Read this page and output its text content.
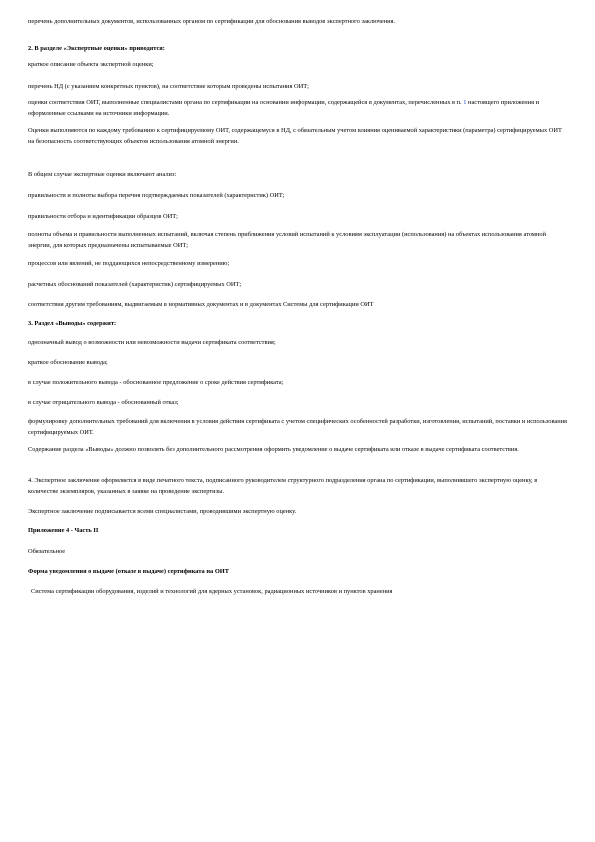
перечень дополнительных документов, использованных органом по сертификации для обоснования выводов экспертного заключения.

2. В разделе «Экспертные оценки» приводятся:

краткое описание объекта экспертной оценки;

перечень НД (с указанием конкретных пунктов), на соответствие которым проведены испытания ОИТ;

оценки соответствия ОИТ, выполненные специалистами органа по сертификации на основании информации, содержащейся в документах, перечисленных в п. 1 настоящего приложения и оформленные ссылками на источники информации.

Оценки выполняются по каждому требованию к сертифицируемому ОИТ, содержащемуся в НД, с обязательным учетом влияния оцениваемой характеристики (параметра) сертифицируемых ОИТ на безопасность соответствующих объектов использования атомной энергии.

В общем случае экспертные оценки включают анализ:

правильности и полноты выбора перечня подтверждаемых показателей (характеристик) ОИТ;

правильности отбора и идентификации образцов ОИТ;

полноты объема и правильности выполненных испытаний, включая степень приближения условий испытаний к условиям эксплуатации (использования) на объектах использования атомной энергии, для которых предназначены испытываемые ОИТ;

процессов или явлений, не поддающихся непосредственному измерению;

расчетных обоснований показателей (характеристик) сертифицируемых ОИТ;

соответствия другим требованиям, выдвигаемым в нормативных документах и в документах Системы для сертификации ОИТ

3. Раздел «Выводы» содержит:

однозначный вывод о возможности или невозможности выдачи сертификата соответствия;

краткое обоснование вывода;

в случае положительного вывода - обоснованное предложение о сроке действия сертификата;

в случае отрицательного вывода - обоснованный отказ;

формулировку дополнительных требований для включения в условия действия сертификата с учетом специфических особенностей разработки, изготовления, испытаний, поставки и использования сертифицируемых ОИТ.

Содержание раздела «Выводы» должно позволять без дополнительного рассмотрения оформить уведомление о выдаче сертификата или отказе в выдаче сертификата соответствия.

4. Экспертное заключение оформляется в виде печатного текста, подписанного руководителем структурного подразделения органа по сертификации, выполнившего экспертную оценку, в количестве экземпляров, указанных в заявке на проведение экспертизы.

Экспертное заключение подписывается всеми специалистами, проводившими экспертную оценку.

Приложение 4 - Часть II

Обязательное

Форма уведомления о выдаче (отказе в выдаче) сертификата на ОИТ

Система сертификации оборудования, изделий и технологий для ядерных установок, радиационных источников и пунктов хранения
